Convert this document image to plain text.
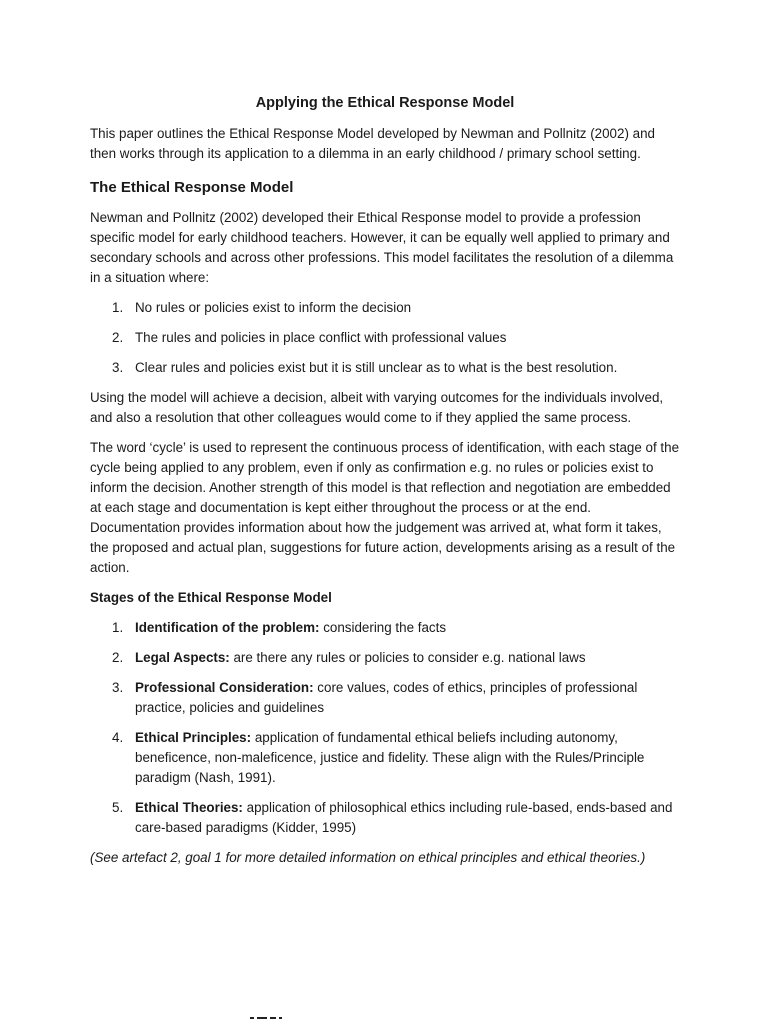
Applying the Ethical Response Model

This paper outlines the Ethical Response Model developed by Newman and Pollnitz (2002) and then works through its application to a dilemma in an early childhood / primary school setting.

The Ethical Response Model

Newman and Pollnitz (2002) developed their Ethical Response model to provide a profession specific model for early childhood teachers. However, it can be equally well applied to primary and secondary schools and across other professions. This model facilitates the resolution of a dilemma in a situation where:

1. No rules or policies exist to inform the decision
2. The rules and policies in place conflict with professional values
3. Clear rules and policies exist but it is still unclear as to what is the best resolution.

Using the model will achieve a decision, albeit with varying outcomes for the individuals involved, and also a resolution that other colleagues would come to if they applied the same process.

The word ‘cycle’ is used to represent the continuous process of identification, with each stage of the cycle being applied to any problem, even if only as confirmation e.g. no rules or policies exist to inform the decision. Another strength of this model is that reflection and negotiation are embedded at each stage and documentation is kept either throughout the process or at the end. Documentation provides information about how the judgement was arrived at, what form it takes, the proposed and actual plan, suggestions for future action, developments arising as a result of the action.

Stages of the Ethical Response Model
1. Identification of the problem: considering the facts
2. Legal Aspects: are there any rules or policies to consider e.g. national laws
3. Professional Consideration: core values, codes of ethics, principles of professional practice, policies and guidelines
4. Ethical Principles: application of fundamental ethical beliefs including autonomy, beneficence, non-maleficence, justice and fidelity. These align with the Rules/Principle paradigm (Nash, 1991).
5. Ethical Theories: application of philosophical ethics including rule-based, ends-based and care-based paradigms (Kidder, 1995)

(See artefact 2, goal 1 for more detailed information on ethical principles and ethical theories.)
